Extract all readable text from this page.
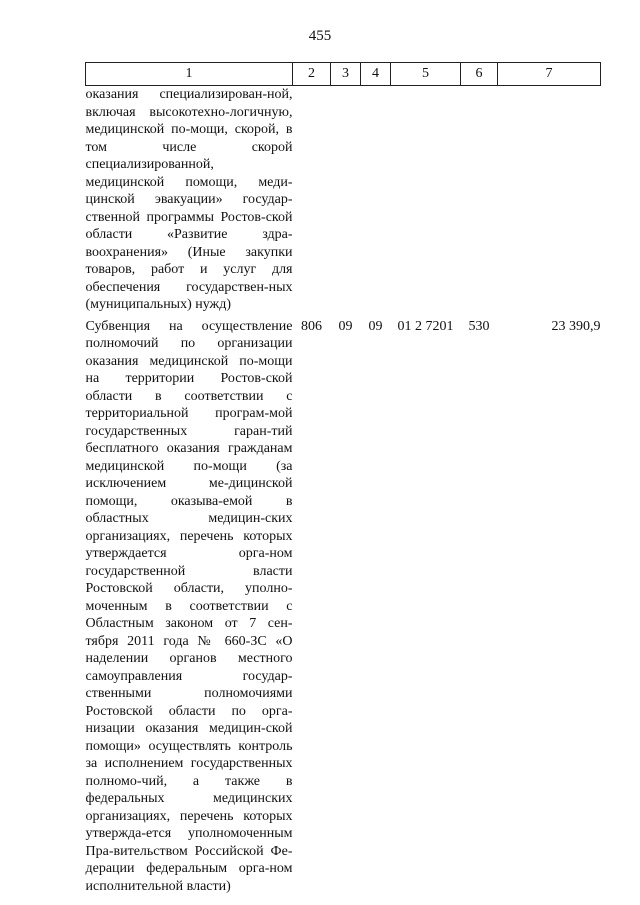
455
1	2	3	4	5	6	7
оказания специализирован-ной, включая высокотехно-логичную, медицинской по-мощи, скорой, в том числе скорой специализированной, медицинской помощи, меди-цинской эвакуации» государ-ственной программы Ростов-ской области «Развитие здра-воохранения» (Иные закупки товаров, работ и услуг для обеспечения государствен-ных (муниципальных) нужд)						
Субвенция на осуществление полномочий по организации оказания медицинской по-мощи на территории Ростов-ской области в соответствии с территориальной програм-мой государственных гаран-тий бесплатного оказания гражданам медицинской по-мощи (за исключением ме-дицинской помощи, оказыва-емой в областных медицин-ских организациях, перечень которых утверждается орга-ном государственной власти Ростовской области, уполно-моченным в соответствии с Областным законом от 7 сен-тября 2011 года № 660-ЗС «О наделении органов местного самоуправления государ-ственными полномочиями Ростовской области по орга-низации оказания медицин-ской помощи» осуществлять контроль за исполнением государственных полномо-чий, а также в федеральных медицинских организациях, перечень которых утвержда-ется уполномоченным Пра-вительством Российской Фе-дерации федеральным орга-ном исполнительной власти)	806	09	09	01 2 7201	530	23 390,9
